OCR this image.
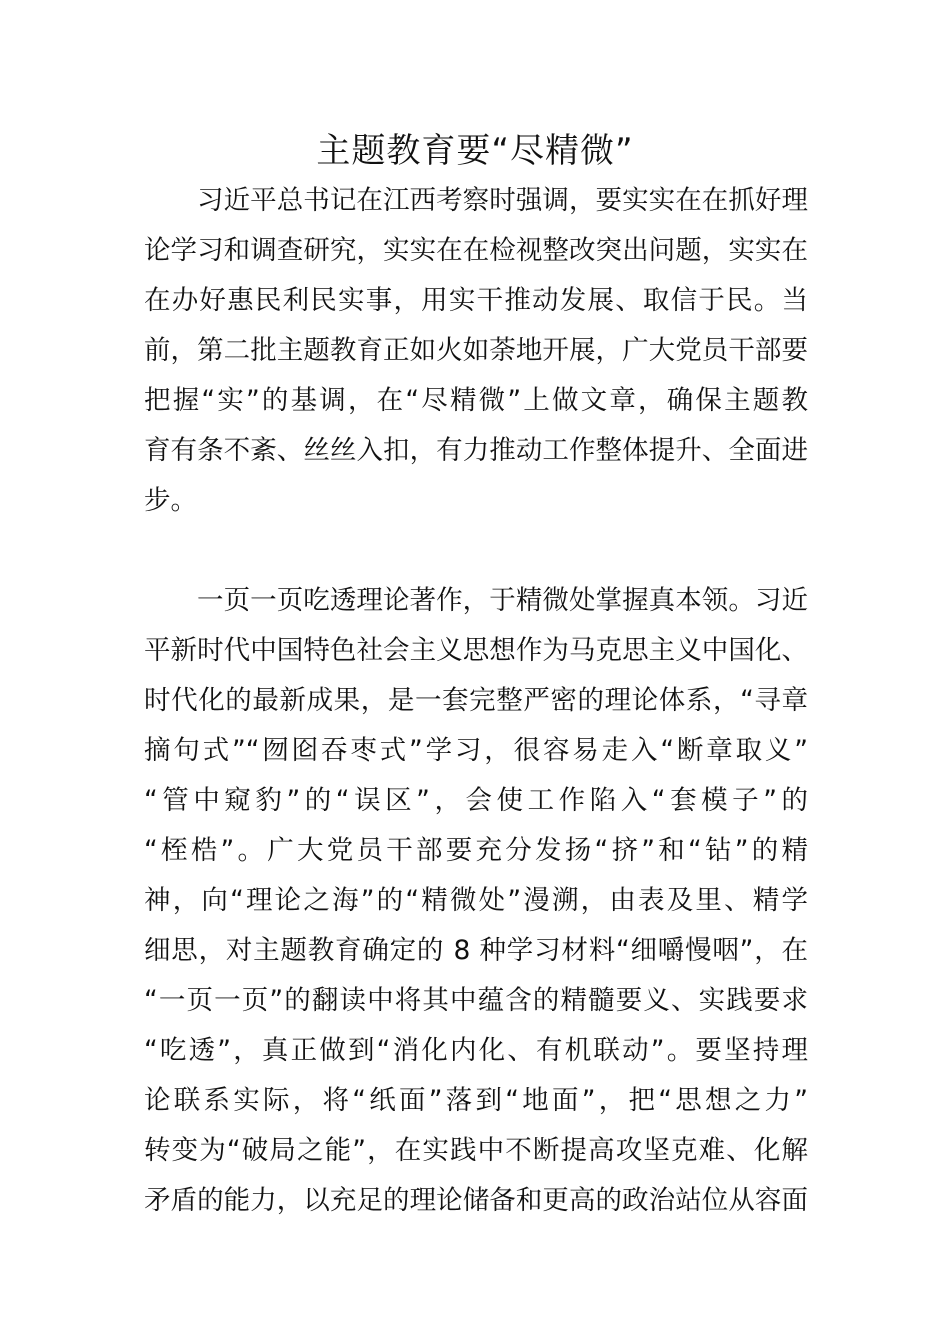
主题教育要“尽精微”
习近平总书记在江西考察时强调，要实实在在抓好理
论学习和调查研究，实实在在检视整改突出问题，实实在
在办好惠民利民实事，用实干推动发展、取信于民。当
前，第二批主题教育正如火如荼地开展，广大党员干部要
把握“实”的基调，在“尽精微”上做文章，确保主题教
育有条不紊、丝丝入扣，有力推动工作整体提升、全面进
步。
一页一页吃透理论著作，于精微处掌握真本领。习近
平新时代中国特色社会主义思想作为马克思主义中国化、
时代化的最新成果，是一套完整严密的理论体系，“寻章
摘句式”“囫囵吞枣式”学习，很容易走入“断章取义”
“管中窥豹”的“误区”，会使工作陷入“套模子”的
“桎梏”。广大党员干部要充分发扬“挤”和“钻”的精
神，向“理论之海”的“精微处”漫溯，由表及里、精学
细思，对主题教育确定的 8 种学习材料“细嚼慢咽”，在
“一页一页”的翻读中将其中蕴含的精髓要义、实践要求
“吃透”，真正做到“消化内化、有机联动”。要坚持理
论联系实际，将“纸面”落到“地面”，把“思想之力”
转变为“破局之能”，在实践中不断提高攻坚克难、化解
矛盾的能力，以充足的理论储备和更高的政治站位从容面
